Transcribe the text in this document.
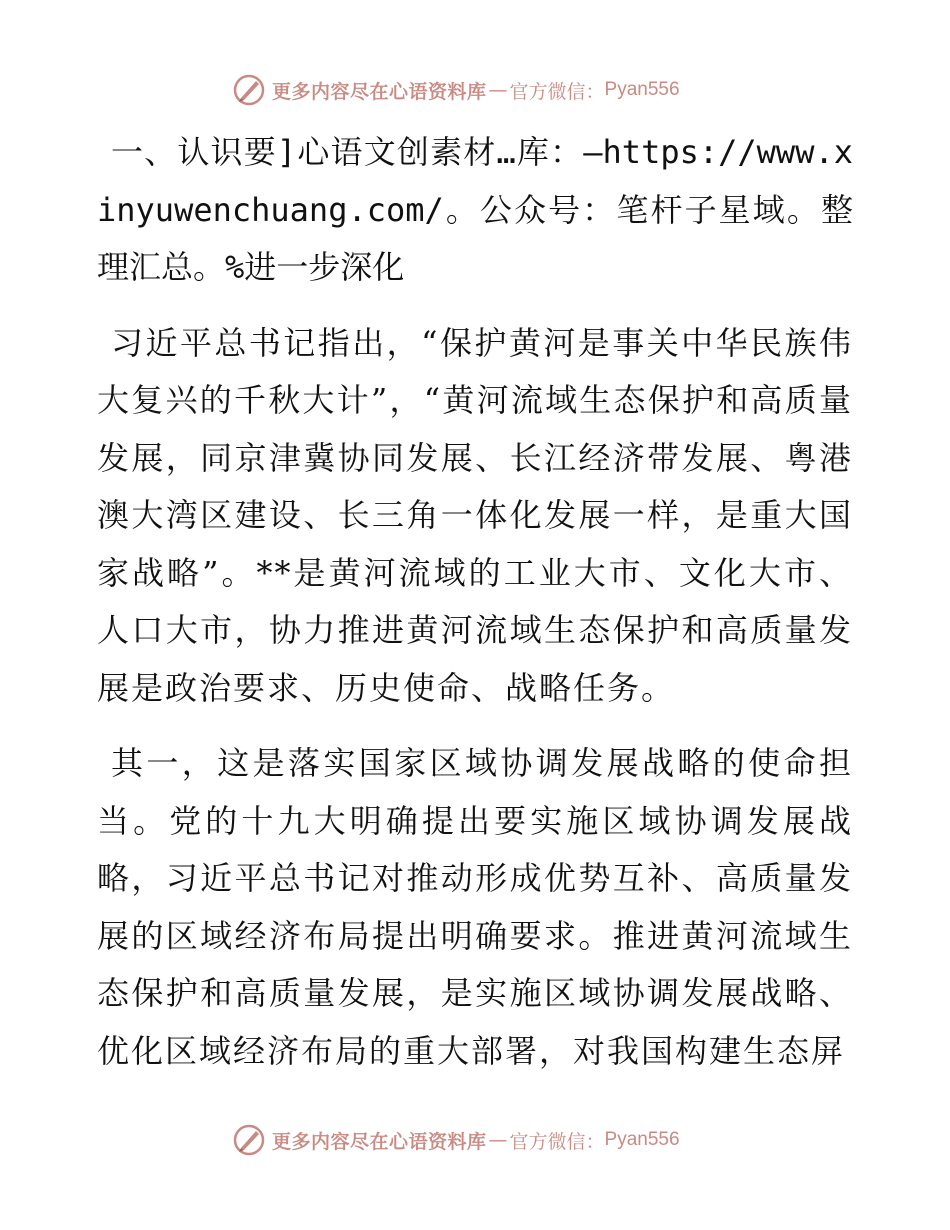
更多内容尽在心语资料库 — 官方微信： Pyan556

一、认识要]心语文创素材…库：—https://www.xinyuwenchuang.com/。公众号：笔杆子星域。整理汇总。%进一步深化

习近平总书记指出，“保护黄河是事关中华民族伟大复兴的千秋大计”，“黄河流域生态保护和高质量发展，同京津冀协同发展、长江经济带发展、粤港澳大湾区建设、长三角一体化发展一样，是重大国家战略”。**是黄河流域的工业大市、文化大市、人口大市，协力推进黄河流域生态保护和高质量发展是政治要求、历史使命、战略任务。

其一，这是落实国家区域协调发展战略的使命担当。党的十九大明确提出要实施区域协调发展战略，习近平总书记对推动形成优势互补、高质量发展的区域经济布局提出明确要求。推进黄河流域生态保护和高质量发展，是实施区域协调发展战略、优化区域经济布局的重大部署，对我国构建生态屏

更多内容尽在心语资料库 — 官方微信： Pyan556
